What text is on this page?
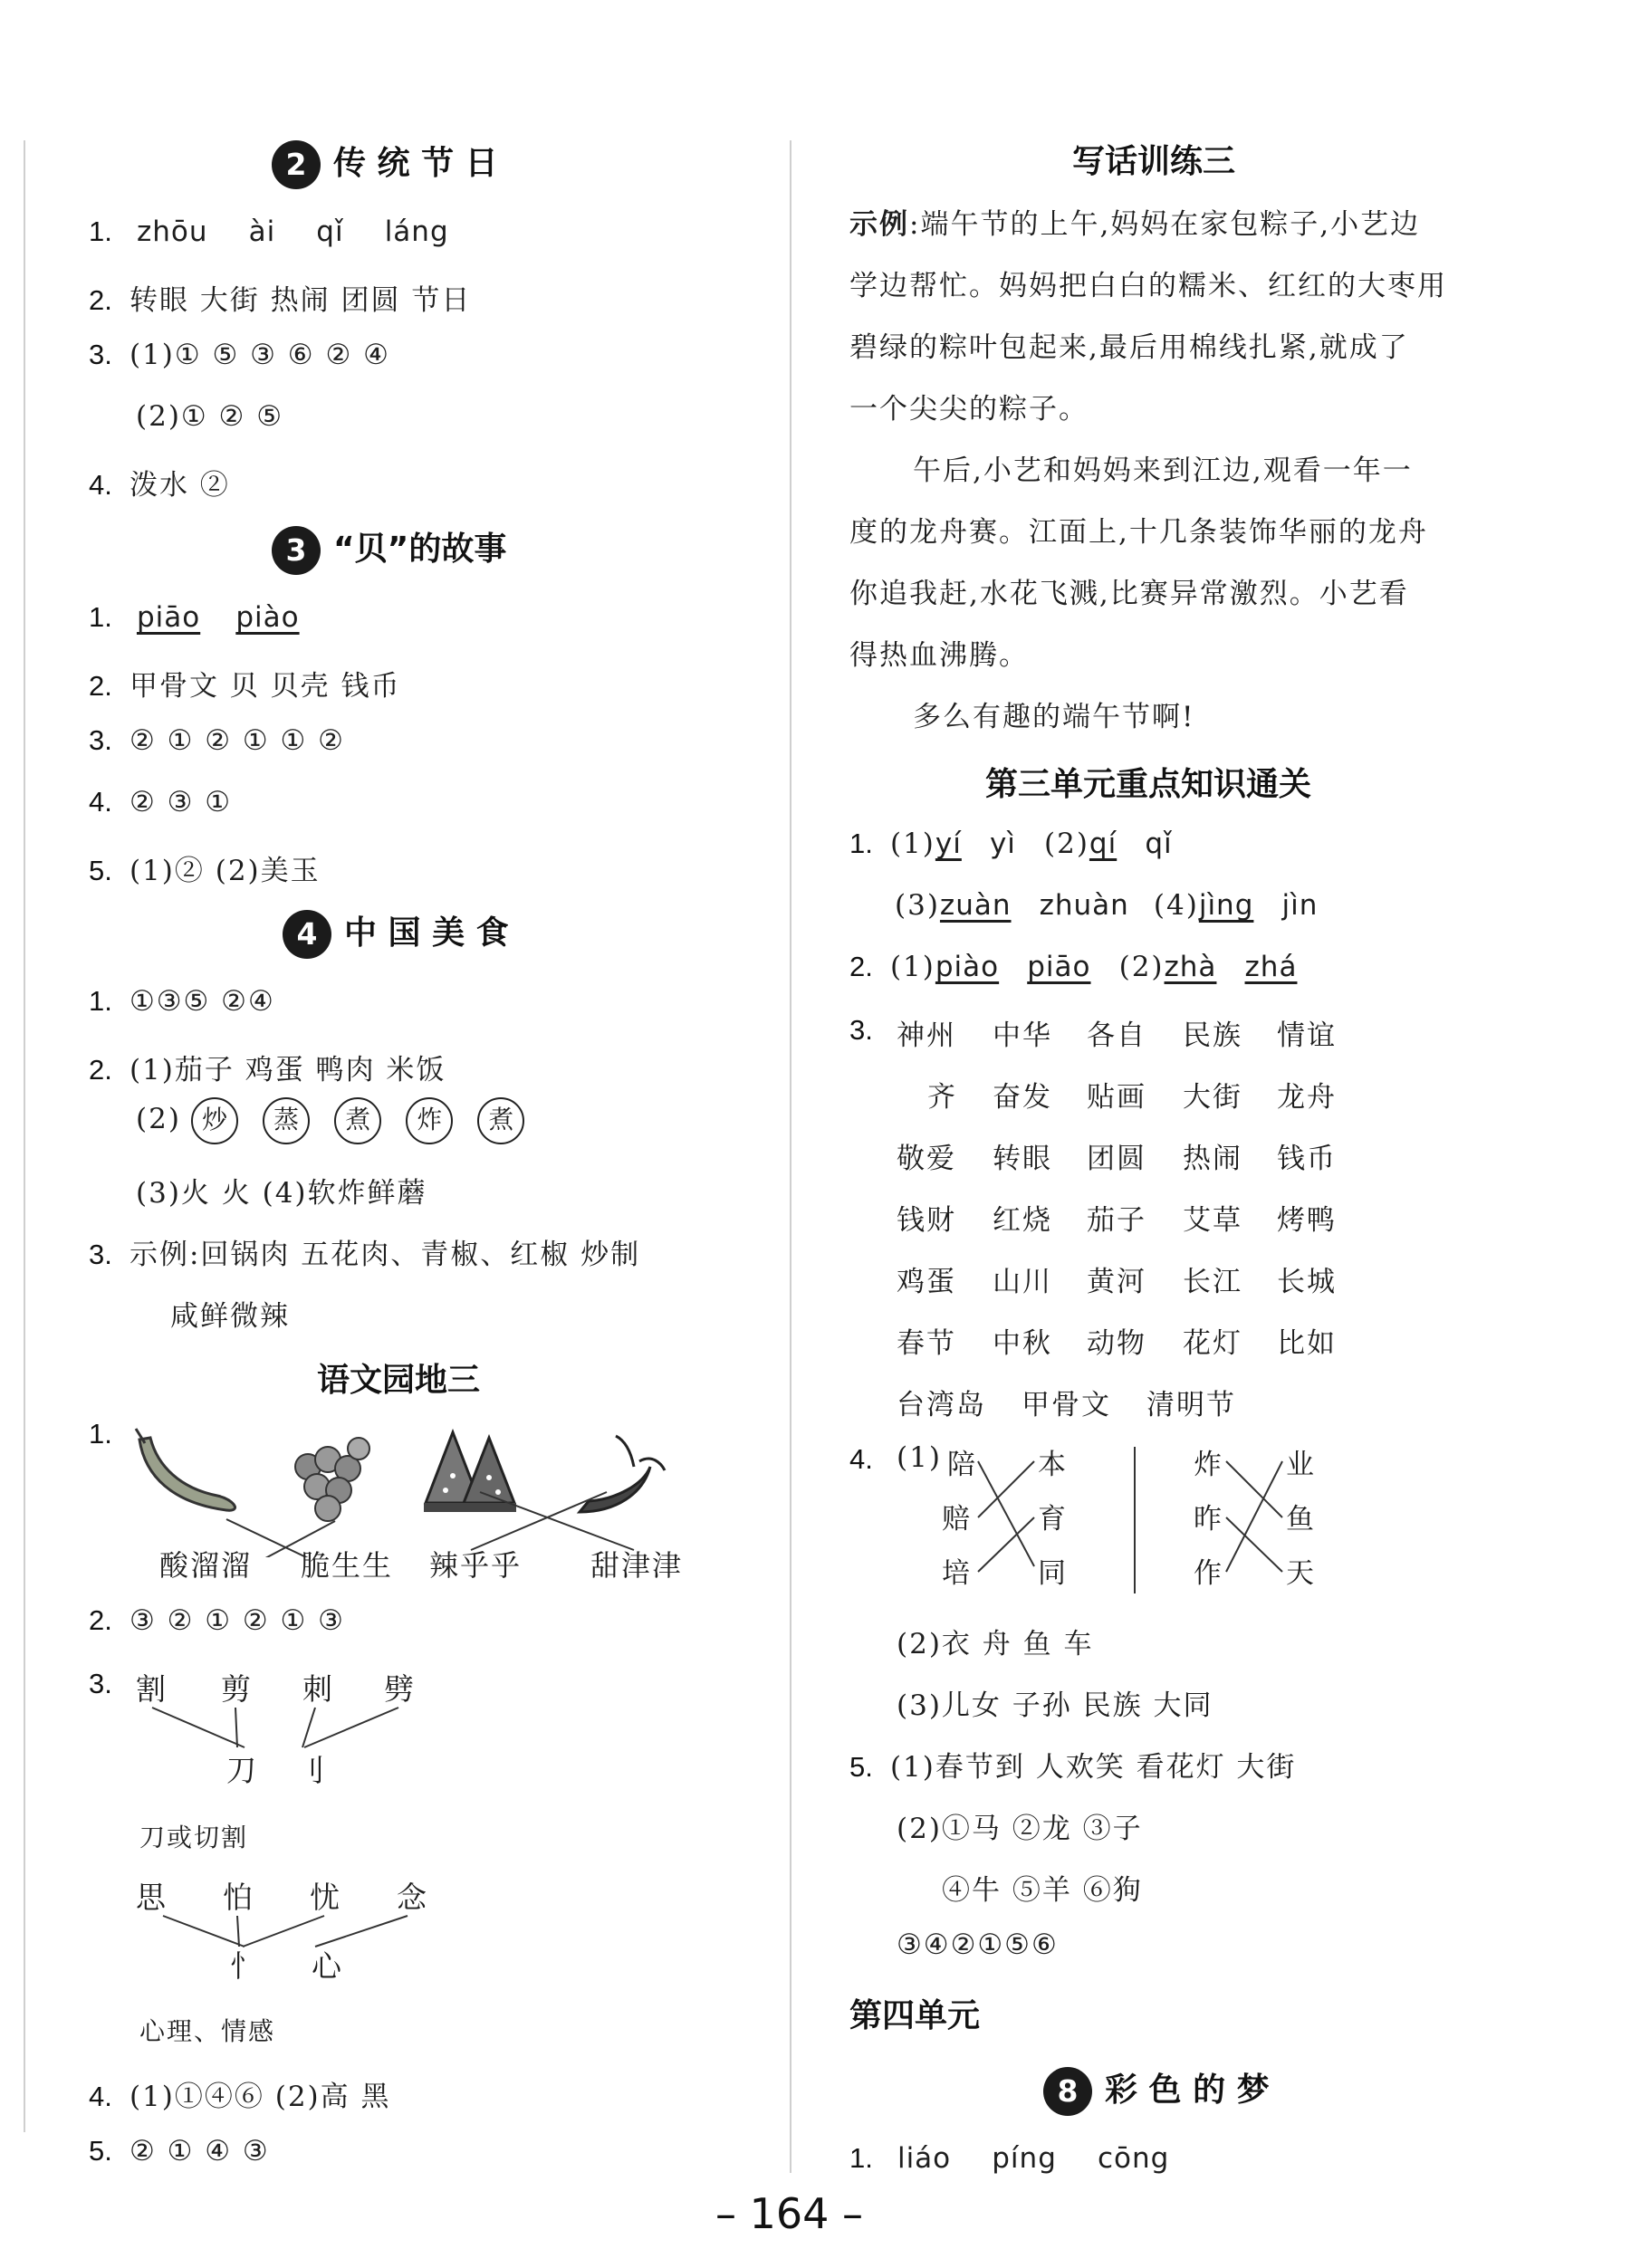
2 传 统 节 日
1. zhōu ài qǐ láng
2. 转眼 大街 热闹 团圆 节日
3. (1)① ⑤ ③ ⑥ ② ④
(2)① ② ⑤
4. 泼水 ②
3 “贝”的故事
1. piāo piào
2. 甲骨文 贝 贝壳 钱币
3. ② ① ② ① ① ②
4. ② ③ ①
5. (1)② (2)美玉
4 中 国 美 食
1. ①③⑤ ②④
2. (1)茄子 鸡蛋 鸭肉 米饭
(2) 炒 蒸 煮 炸 煮
(3)火 火 (4)软炸鲜蘑
3. 示例:回锅肉 五花肉、青椒、红椒 炒制
咸鲜微辣
语文园地三
1.
酸溜溜 脆生生 辣乎乎 甜津津
2. ③ ② ① ② ① ③
3. 割 剪 刺 劈
刀 刂
刀或切割
思 怕 忧 念
忄 心
心理、情感
4. (1)①④⑥ (2)高 黑
5. ② ① ④ ③
写话训练三
示例:端午节的上午,妈妈在家包粽子,小艺边
学边帮忙。妈妈把白白的糯米、红红的大枣用
碧绿的粽叶包起来,最后用棉线扎紧,就成了
一个尖尖的粽子。
午后,小艺和妈妈来到江边,观看一年一
度的龙舟赛。江面上,十几条装饰华丽的龙舟
你追我赶,水花飞溅,比赛异常激烈。小艺看
得热血沸腾。
多么有趣的端午节啊!
第三单元重点知识通关
1. (1)yí yì (2)qí qǐ
(3)zuàn zhuàn (4)jìng jìn
2. (1)piào piāo (2)zhà zhá
3. 神州 中华 各自 民族 情谊
齐 奋发 贴画 大街 龙舟
敬爱 转眼 团圆 热闹 钱币
钱财 红烧 茄子 艾草 烤鸭
鸡蛋 山川 黄河 长江 长城
春节 中秋 动物 花灯 比如
台湾岛 甲骨文 清明节
4. (1) 陪
赔
培
本
育
同
炸
昨
作
业
鱼
天
(2)衣 舟 鱼 车
(3)儿女 子孙 民族 大同
5. (1)春节到 人欢笑 看花灯 大街
(2)①马 ②龙 ③子
④牛 ⑤羊 ⑥狗
③④②①⑤⑥
第四单元
8 彩 色 的 梦
1. liáo píng cōng
– 164 –
